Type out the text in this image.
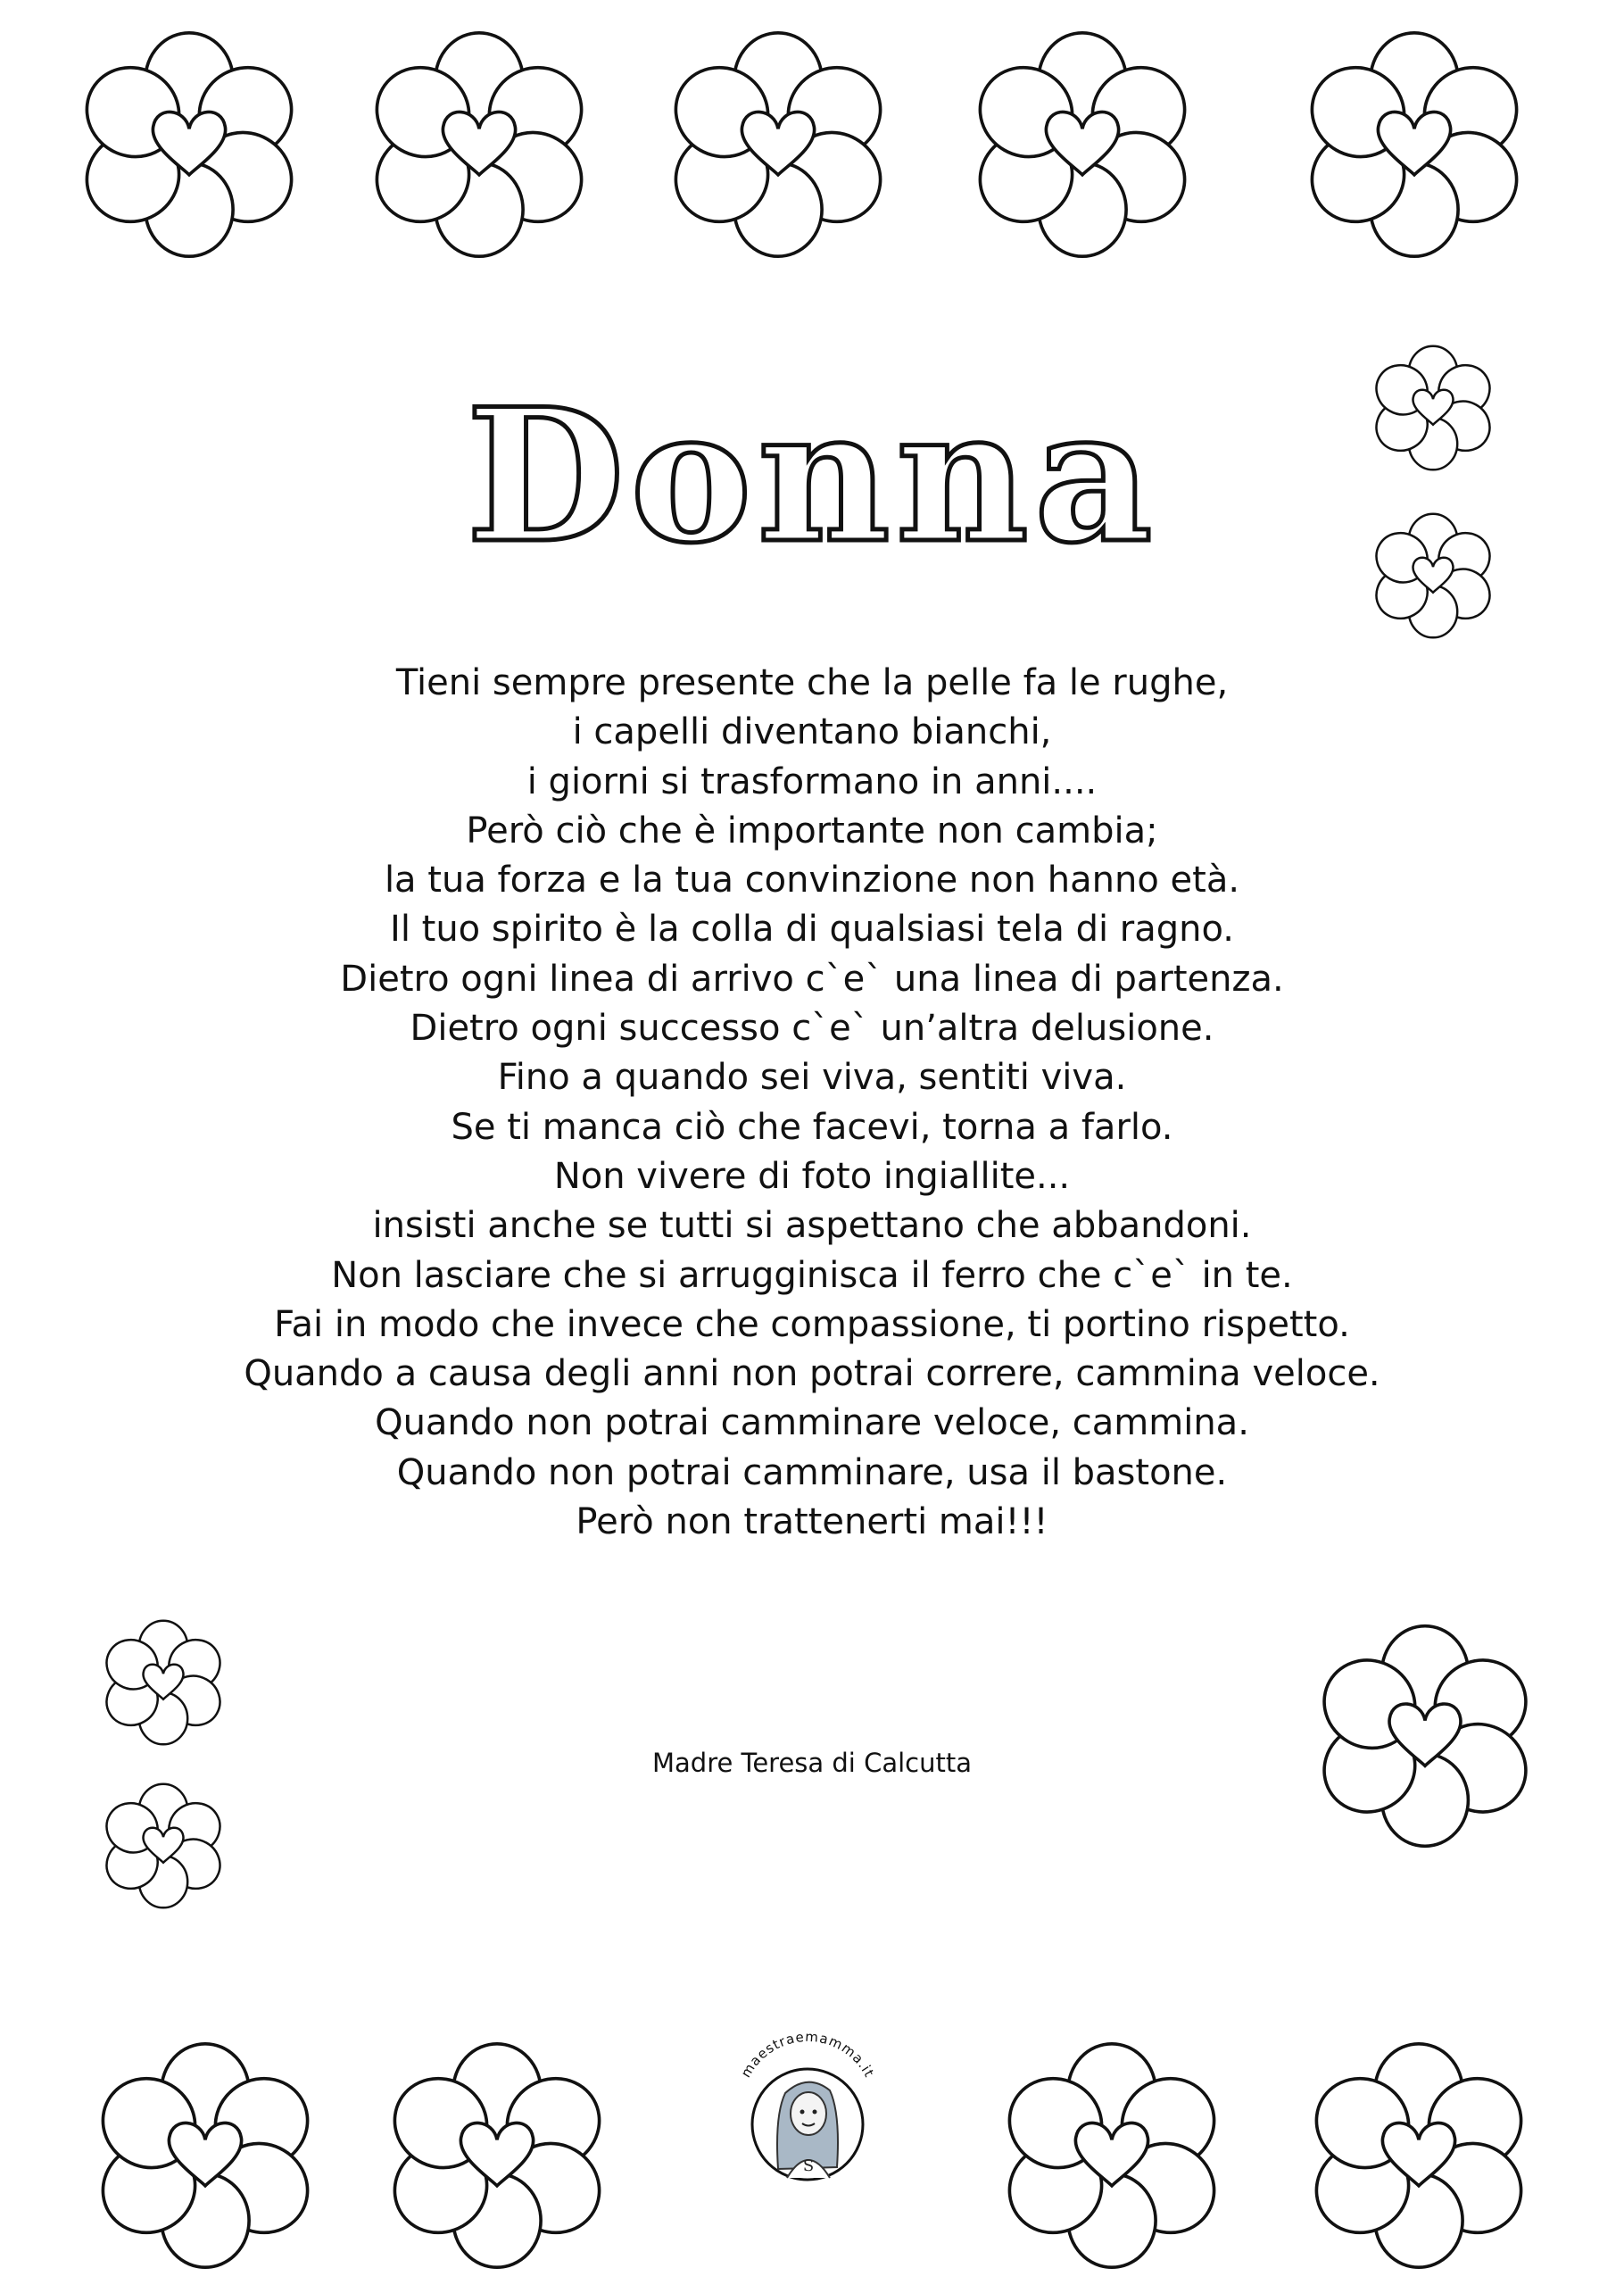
Donna
Tieni sempre presente che la pelle fa le rughe,
i capelli diventano bianchi,
i giorni si trasformano in anni....
Però ciò che è importante non cambia;
la tua forza e la tua convinzione non hanno età.
Il tuo spirito è la colla di qualsiasi tela di ragno.
Dietro ogni linea di arrivo c`e` una linea di partenza.
Dietro ogni successo c`e` un’altra delusione.
Fino a quando sei viva, sentiti viva.
Se ti manca ciò che facevi, torna a farlo.
Non vivere di foto ingiallite...
insisti anche se tutti si aspettano che abbandoni.
Non lasciare che si arrugginisca il ferro che c`e` in te.
Fai in modo che invece che compassione, ti portino rispetto.
Quando a causa degli anni non potrai correre, cammina veloce.
Quando non potrai camminare veloce, cammina.
Quando non potrai camminare, usa il bastone.
Però non trattenerti mai!!!
Madre Teresa di Calcutta
maestraemamma.it
S
